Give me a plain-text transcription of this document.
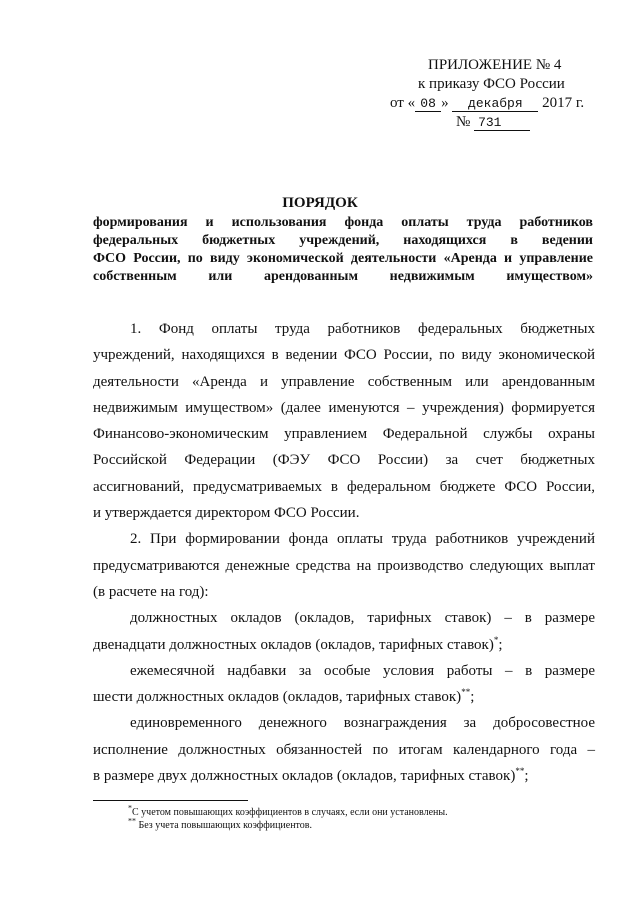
ПРИЛОЖЕНИЕ № 4
к приказу ФСО России
от « 08 » декабря 2017 г.
№ 731
ПОРЯДОК
формирования и использования фонда оплаты труда работников
федеральных бюджетных учреждений, находящихся в ведении
ФСО России, по виду экономической деятельности «Аренда и управление
собственным или арендованным недвижимым имуществом»

1. Фонд оплаты труда работников федеральных бюджетных
учреждений, находящихся в ведении ФСО России, по виду экономической
деятельности «Аренда и управление собственным или арендованным
недвижимым имуществом» (далее именуются – учреждения) формируется
Финансово-экономическим управлением Федеральной службы охраны
Российской Федерации (ФЭУ ФСО России) за счет бюджетных
ассигнований, предусматриваемых в федеральном бюджете ФСО России,
и утверждается директором ФСО России.

2. При формировании фонда оплаты труда работников учреждений
предусматриваются денежные средства на производство следующих выплат
(в расчете на год):

должностных окладов (окладов, тарифных ставок) – в размере
двенадцати должностных окладов (окладов, тарифных ставок)*;

ежемесячной надбавки за особые условия работы – в размере
шести должностных окладов (окладов, тарифных ставок)**;

единовременного денежного вознаграждения за добросовестное
исполнение должностных обязанностей по итогам календарного года –
в размере двух должностных окладов (окладов, тарифных ставок)**;

*С учетом повышающих коэффициентов в случаях, если они установлены.
** Без учета повышающих коэффициентов.
